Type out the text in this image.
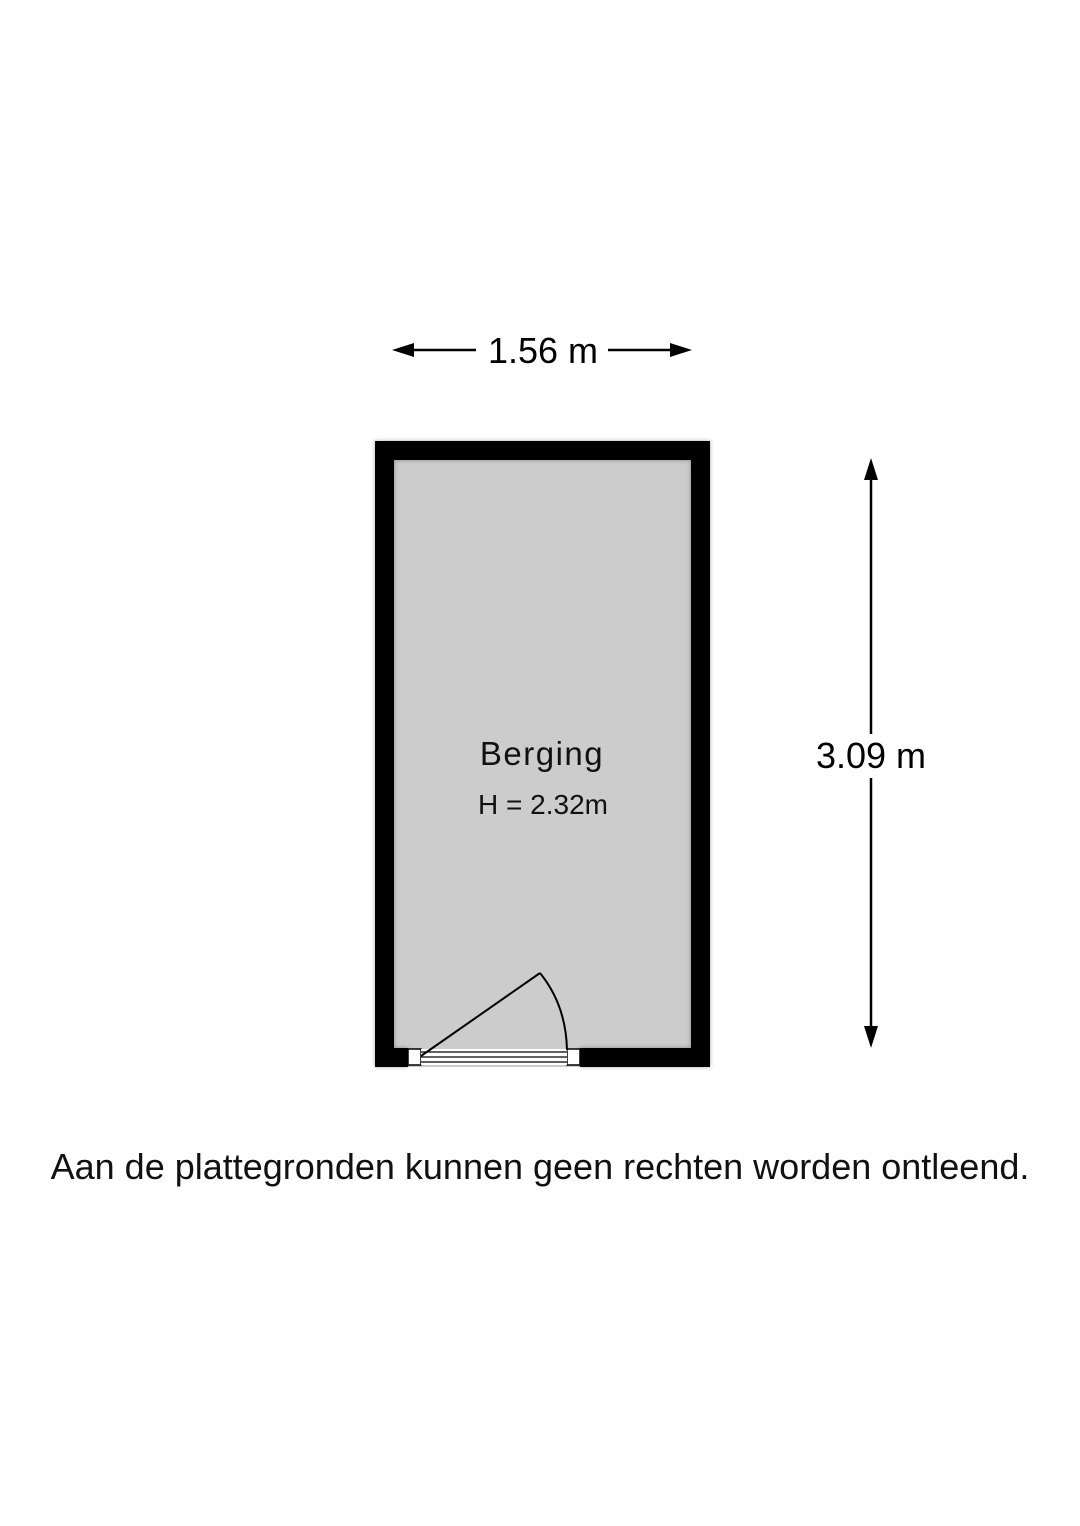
1.56 m
3.09 m
Berging
H = 2.32m
Aan de plattegronden kunnen geen rechten worden ontleend.
